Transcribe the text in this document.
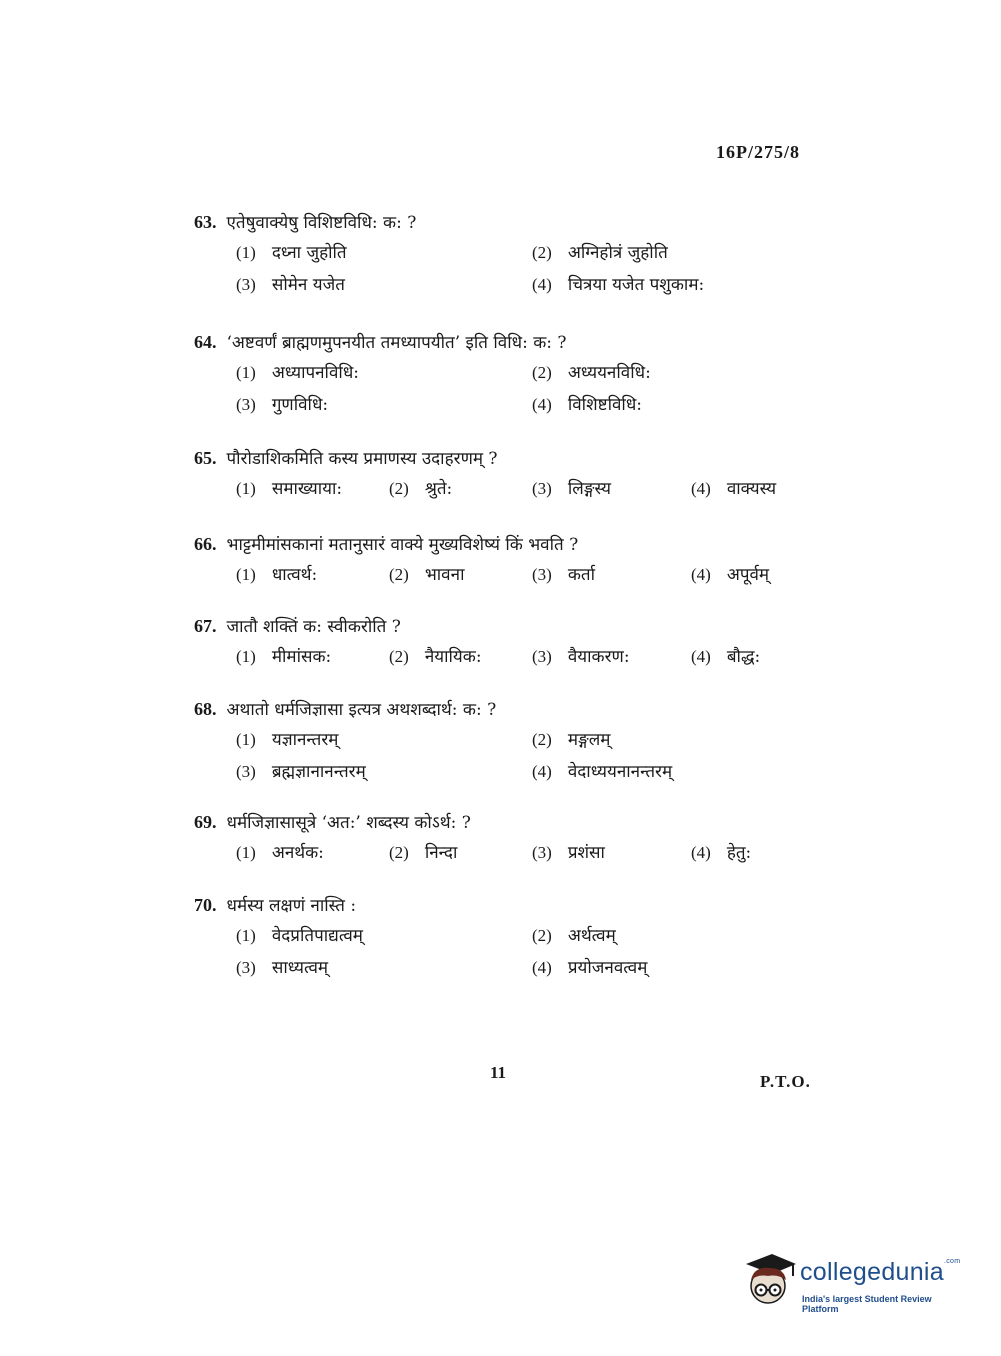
16P/275/8
63. एतेषुवाक्येषु विशिष्टविधि: क: ?
(1) दध्ना जुहोति	(2) अग्निहोत्रं जुहोति
(3) सोमेन यजेत	(4) चित्रया यजेत पशुकाम:
64. ‘अष्टवर्णं ब्राह्मणमुपनयीत तमध्यापयीत’ इति विधि: क: ?
(1) अध्यापनविधि:	(2) अध्ययनविधि:
(3) गुणविधि:	(4) विशिष्टविधि:
65. पौरोडाशिकमिति कस्य प्रमाणस्य उदाहरणम् ?
(1) समाख्याया:	(2) श्रुते:	(3) लिङ्गस्य	(4) वाक्यस्य
66. भाट्टमीमांसकानां मतानुसारं वाक्ये मुख्यविशेष्यं किं भवति ?
(1) धात्वर्थ:	(2) भावना	(3) कर्ता	(4) अपूर्वम्
67. जातौ शक्तिं क: स्वीकरोति ?
(1) मीमांसक:	(2) नैयायिक:	(3) वैयाकरण:	(4) बौद्ध:
68. अथातो धर्मजिज्ञासा इत्यत्र अथशब्दार्थ: क: ?
(1) यज्ञानन्तरम्	(2) मङ्गलम्
(3) ब्रह्मज्ञानानन्तरम्	(4) वेदाध्ययनानन्तरम्
69. धर्मजिज्ञासासूत्रे ‘अत:’ शब्दस्य कोऽर्थ: ?
(1) अनर्थक:	(2) निन्दा	(3) प्रशंसा	(4) हेतु:
70. धर्मस्य लक्षणं नास्ति :
(1) वेदप्रतिपाद्यत्वम्	(2) अर्थत्वम्
(3) साध्यत्वम्	(4) प्रयोजनवत्वम्
11	P.T.O.
collegedunia$^{.com}$
India's largest Student Review Platform
